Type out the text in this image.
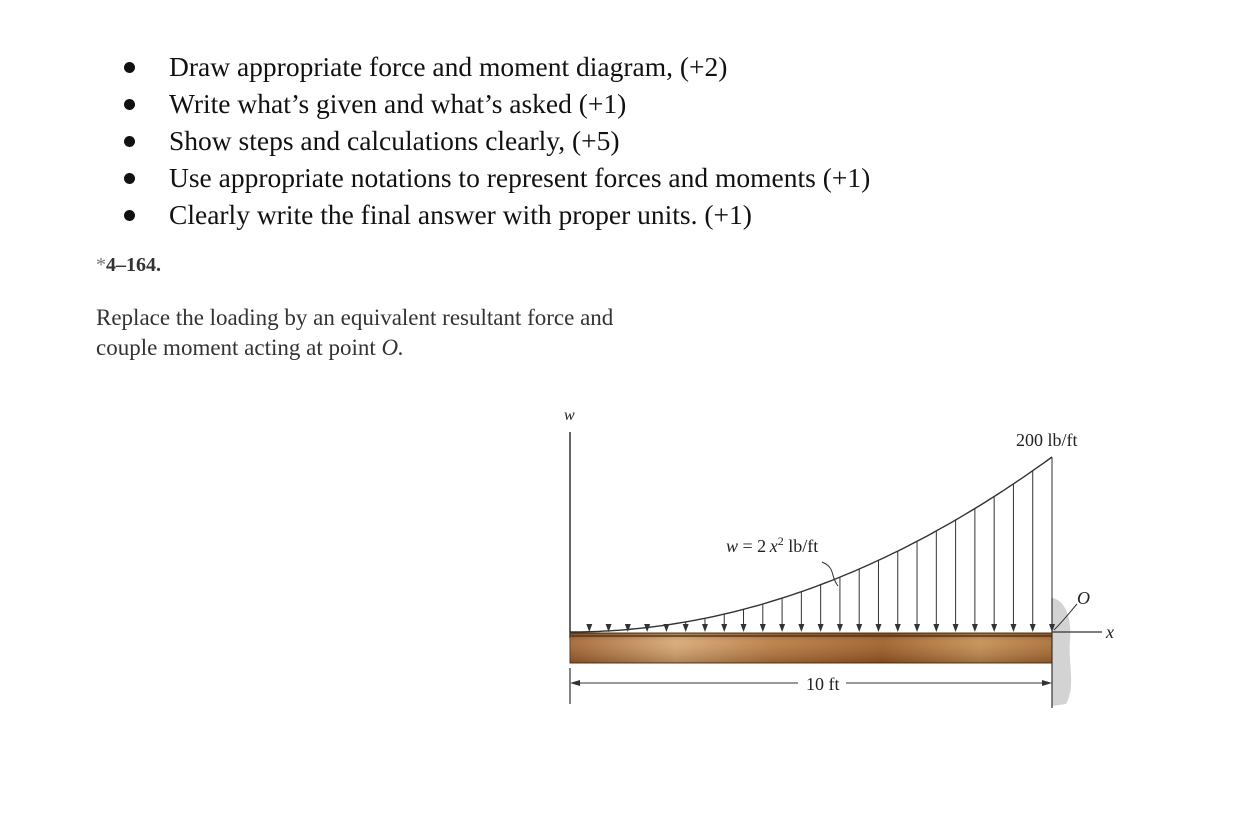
Draw appropriate force and moment diagram, (+2)
Write what’s given and what’s asked (+1)
Show steps and calculations clearly, (+5)
Use appropriate notations to represent forces and moments (+1)
Clearly write the final answer with proper units. (+1)
*4–164.

Replace the loading by an equivalent resultant force and

couple moment acting at point O.

w
x
O
200 lb/ft
w = 2 $x^2$ lb/ft
10 ft
